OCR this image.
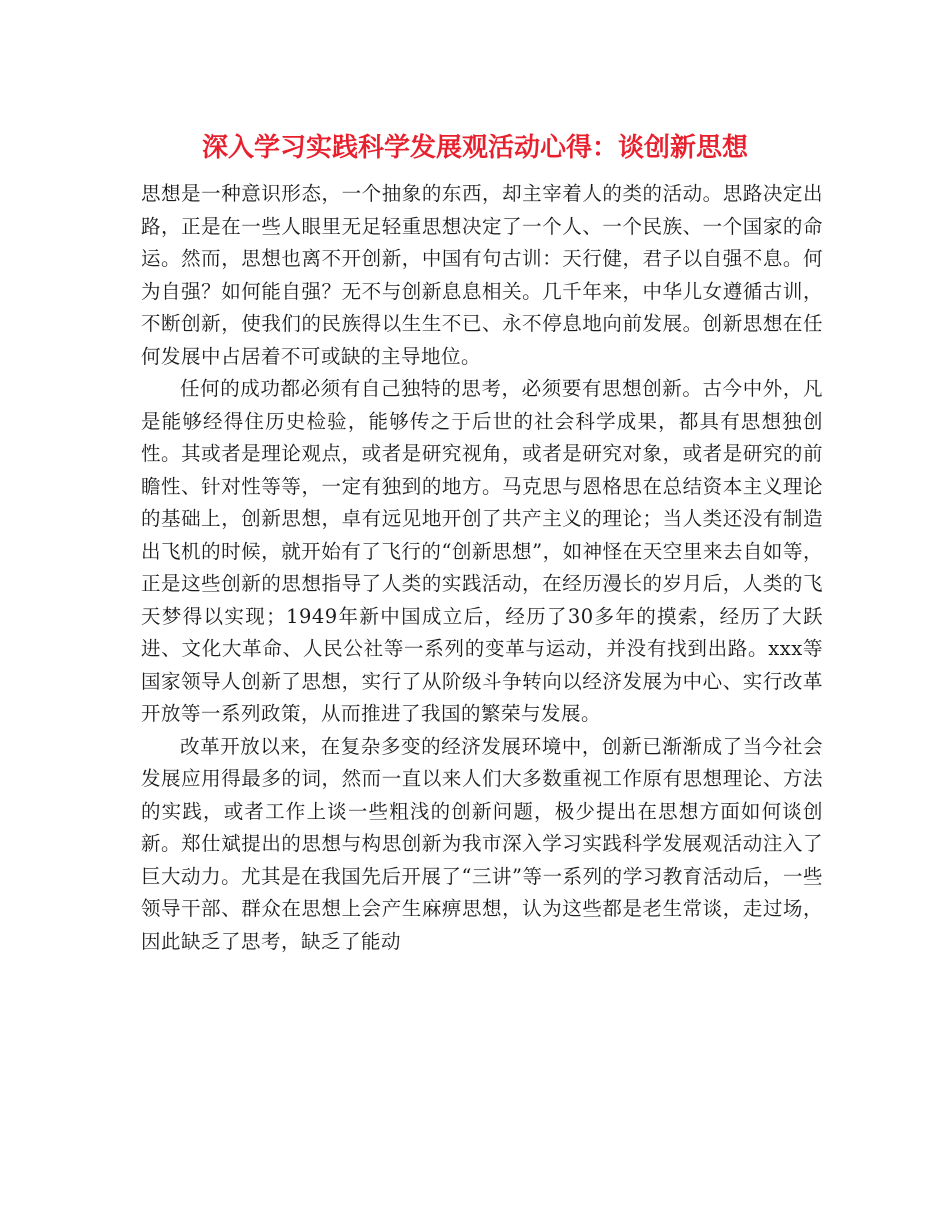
深入学习实践科学发展观活动心得：谈创新思想

思想是一种意识形态，一个抽象的东西，却主宰着人的类的活动。思路决定出路，正是在一些人眼里无足轻重思想决定了一个人、一个民族、一个国家的命运。然而，思想也离不开创新，中国有句古训：天行健，君子以自强不息。何为自强？如何能自强？无不与创新息息相关。几千年来，中华儿女遵循古训，不断创新，使我们的民族得以生生不已、永不停息地向前发展。创新思想在任何发展中占居着不可或缺的主导地位。

任何的成功都必须有自己独特的思考，必须要有思想创新。古今中外，凡是能够经得住历史检验，能够传之于后世的社会科学成果，都具有思想独创性。其或者是理论观点，或者是研究视角，或者是研究对象，或者是研究的前瞻性、针对性等等，一定有独到的地方。马克思与恩格思在总结资本主义理论的基础上，创新思想，卓有远见地开创了共产主义的理论；当人类还没有制造出飞机的时候，就开始有了飞行的“创新思想”，如神怪在天空里来去自如等，正是这些创新的思想指导了人类的实践活动，在经历漫长的岁月后，人类的飞天梦得以实现；1949年新中国成立后，经历了30多年的摸索，经历了大跃进、文化大革命、人民公社等一系列的变革与运动，并没有找到出路。xxx等国家领导人创新了思想，实行了从阶级斗争转向以经济发展为中心、实行改革开放等一系列政策，从而推进了我国的繁荣与发展。

改革开放以来，在复杂多变的经济发展环境中，创新已渐渐成了当今社会发展应用得最多的词，然而一直以来人们大多数重视工作原有思想理论、方法的实践，或者工作上谈一些粗浅的创新问题，极少提出在思想方面如何谈创新。郑仕斌提出的思想与构思创新为我市深入学习实践科学发展观活动注入了巨大动力。尤其是在我国先后开展了“三讲”等一系列的学习教育活动后，一些领导干部、群众在思想上会产生麻痹思想，认为这些都是老生常谈，走过场，因此缺乏了思考，缺乏了能动
